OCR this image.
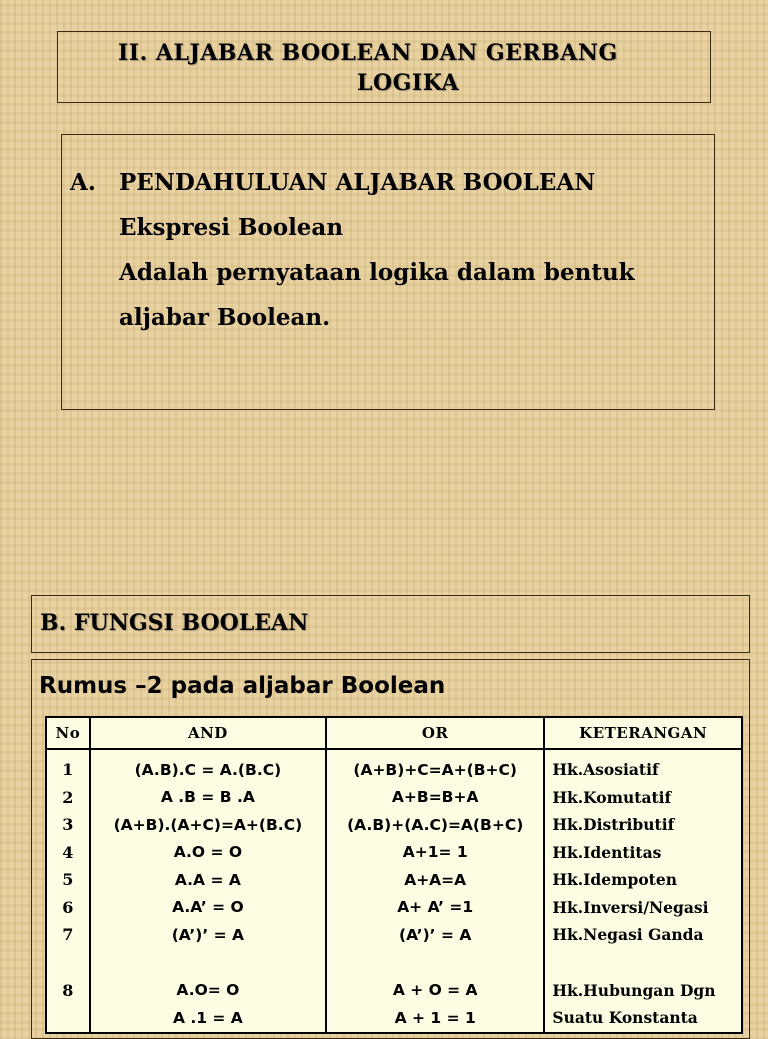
II. ALJABAR BOOLEAN DAN GERBANG
LOGIKA
A. PENDAHULUAN ALJABAR BOOLEAN
Ekspresi Boolean
Adalah pernyataan logika dalam bentuk
aljabar Boolean.
B. FUNGSI BOOLEAN
Rumus –2 pada aljabar Boolean
No	AND	OR	KETERANGAN

1	(A.B).C = A.(B.C)	(A+B)+C=A+(B+C)	Hk.Asosiatif
2	A .B = B .A	A+B=B+A	Hk.Komutatif
3	(A+B).(A+C)=A+(B.C)	(A.B)+(A.C)=A(B+C)	Hk.Distributif
4	A.O = O	A+1= 1	Hk.Identitas
5	A.A = A	A+A=A	Hk.Idempoten
6	A.A’ = O	A+ A’ =1	Hk.Inversi/Negasi
7	(A’)’ = A	(A’)’ = A	Hk.Negasi Ganda

8	A.O= O	A + O = A	Hk.Hubungan Dgn
	A .1 = A	A + 1 = 1	Suatu Konstanta
